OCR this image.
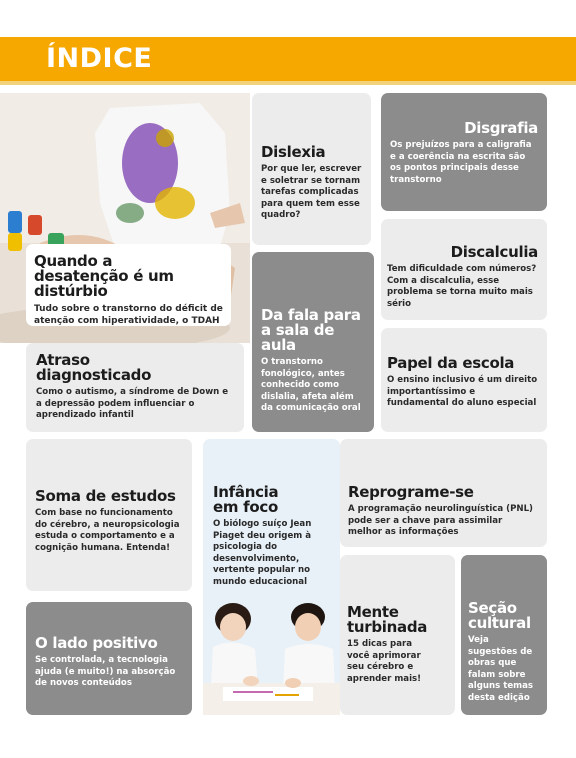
ÍNDICE
Quando a desatenção é um distúrbio
Tudo sobre o transtorno do déficit de atenção com hiperatividade, o TDAH
Dislexia
Por que ler, escrever e soletrar se tornam tarefas complicadas para quem tem esse quadro?
Disgrafia
Os prejuízos para a caligrafia e a coerência na escrita são os pontos principais desse transtorno
Discalculia
Tem dificuldade com números? Com a discalculia, esse problema se torna muito mais sério
Da fala para a sala de aula
O transtorno fonológico, antes conhecido como dislalia, afeta além da comunicação oral
Atraso diagnosticado
Como o autismo, a síndrome de Down e a depressão podem influenciar o aprendizado infantil
Papel da escola
O ensino inclusivo é um direito importantíssimo e fundamental do aluno especial
Soma de estudos
Com base no funcionamento do cérebro, a neuropsicologia estuda o comportamento e a cognição humana. Entenda!
Infância em foco
O biólogo suíço Jean Piaget deu origem à psicologia do desenvolvimento, vertente popular no mundo educacional
Reprograme-se
A programação neurolinguística (PNL) pode ser a chave para assimilar melhor as informações
O lado positivo
Se controlada, a tecnologia ajuda (e muito!) na absorção de novos conteúdos
Mente turbinada
15 dicas para você aprimorar seu cérebro e aprender mais!
Seção cultural
Veja sugestões de obras que falam sobre alguns temas desta edição
